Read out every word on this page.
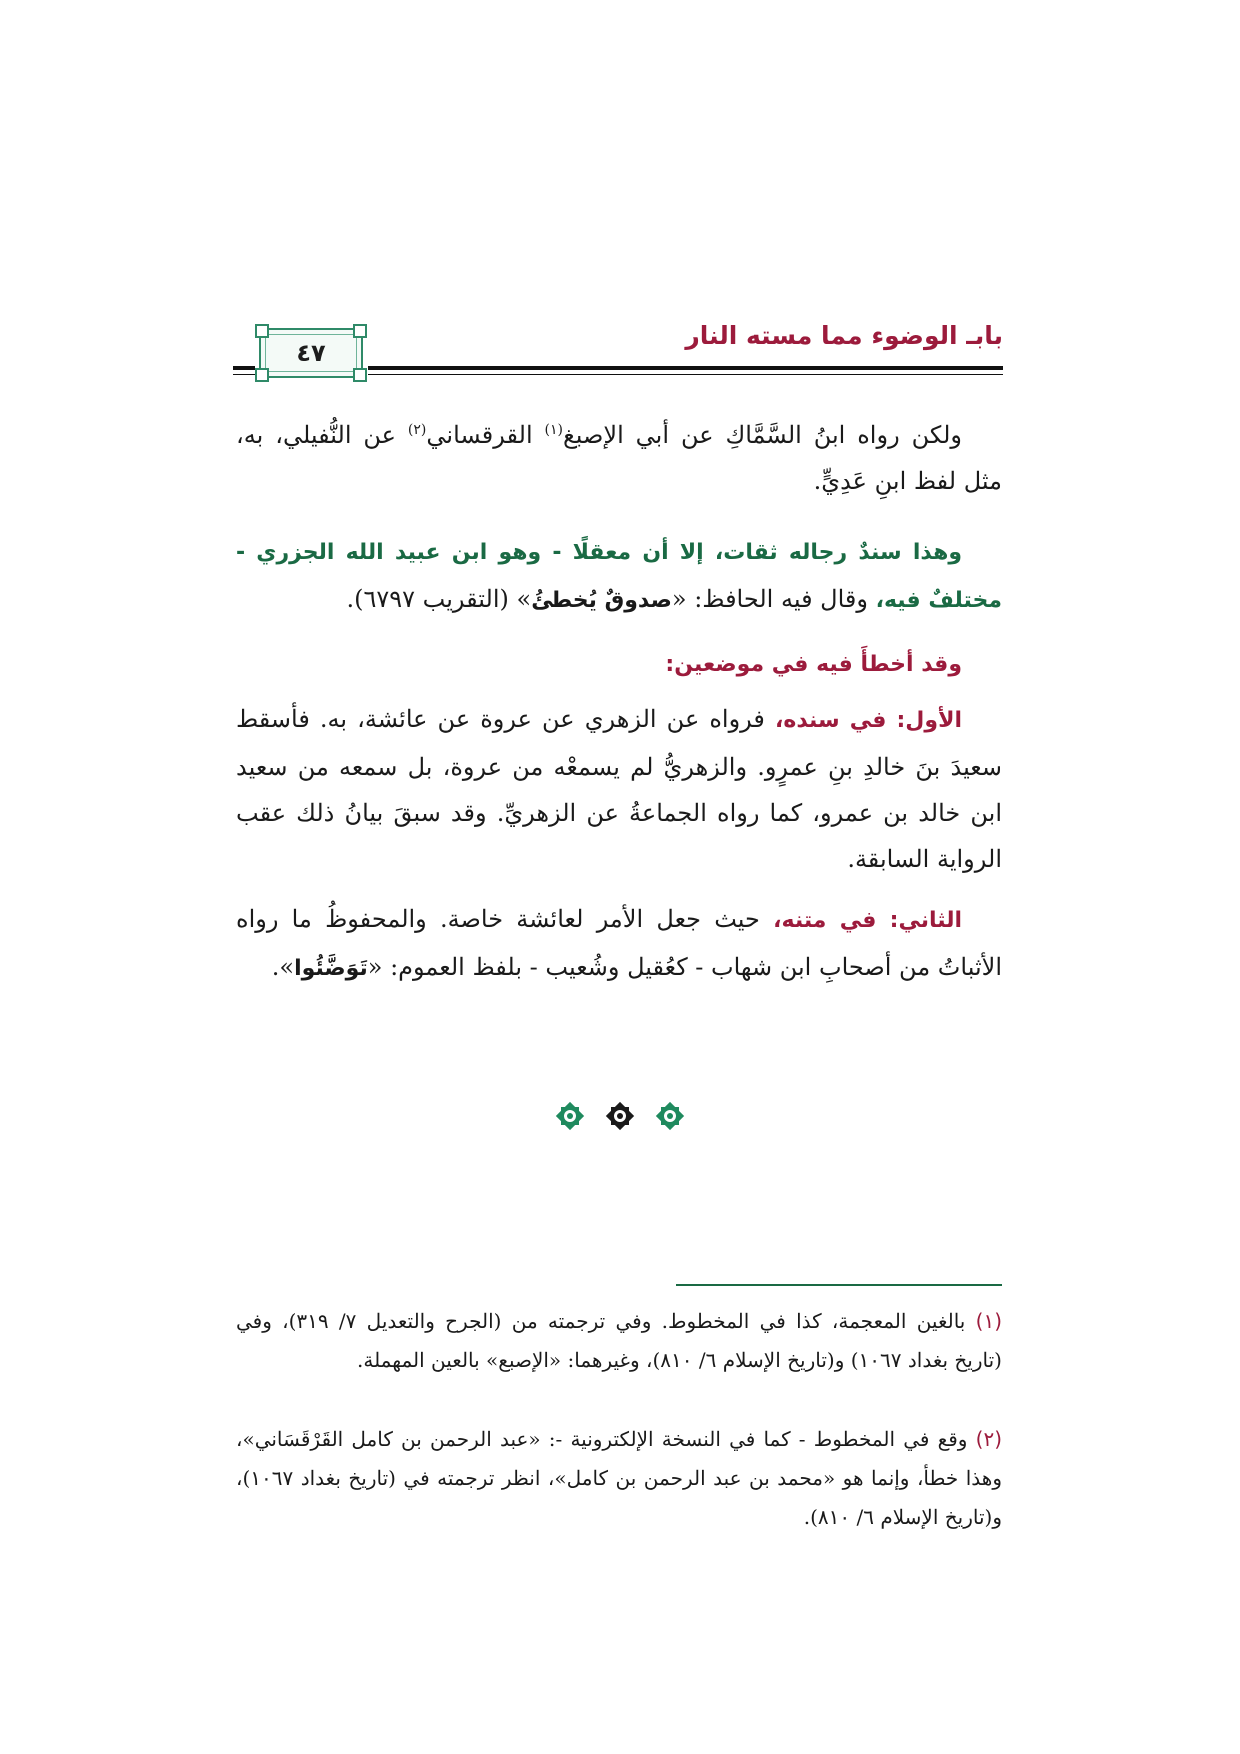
بابـ الوضوء مما مسته النار
٤٧
ولكن رواه ابنُ السَّمَّاكِ عن أبي الإصبغ$^{(١)}$ القرقساني$^{(٢)}$ عن النُّفيلي، به، مثل لفظ ابنِ عَدِيٍّ.
وهذا سندٌ رجاله ثقات، إلا أن معقلًا - وهو ابن عبيد الله الجزري - مختلفٌ فيه، وقال فيه الحافظ: «صدوقٌ يُخطئُ» (التقريب ٦٧٩٧).
وقد أخطأَ فيه في موضعين:
الأول: في سنده، فرواه عن الزهري عن عروة عن عائشة، به. فأسقط سعيدَ بنَ خالدِ بنِ عمرٍو. والزهريُّ لم يسمعْه من عروة، بل سمعه من سعيد ابن خالد بن عمرو، كما رواه الجماعةُ عن الزهريِّ. وقد سبقَ بيانُ ذلك عقب الرواية السابقة.
الثاني: في متنه، حيث جعل الأمر لعائشة خاصة. والمحفوظُ ما رواه الأثباتُ من أصحابِ ابن شهاب - كعُقيل وشُعيب - بلفظ العموم: «تَوَضَّئُوا».
(١) بالغين المعجمة، كذا في المخطوط. وفي ترجمته من (الجرح والتعديل ٧/ ٣١٩)، وفي (تاريخ بغداد ١٠٦٧) و(تاريخ الإسلام ٦/ ٨١٠)، وغيرهما: «الإصبع» بالعين المهملة.
(٢) وقع في المخطوط - كما في النسخة الإلكترونية -: «عبد الرحمن بن كامل القَرْقَسَاني»، وهذا خطأ، وإنما هو «محمد بن عبد الرحمن بن كامل»، انظر ترجمته في (تاريخ بغداد ١٠٦٧)، و(تاريخ الإسلام ٦/ ٨١٠).
